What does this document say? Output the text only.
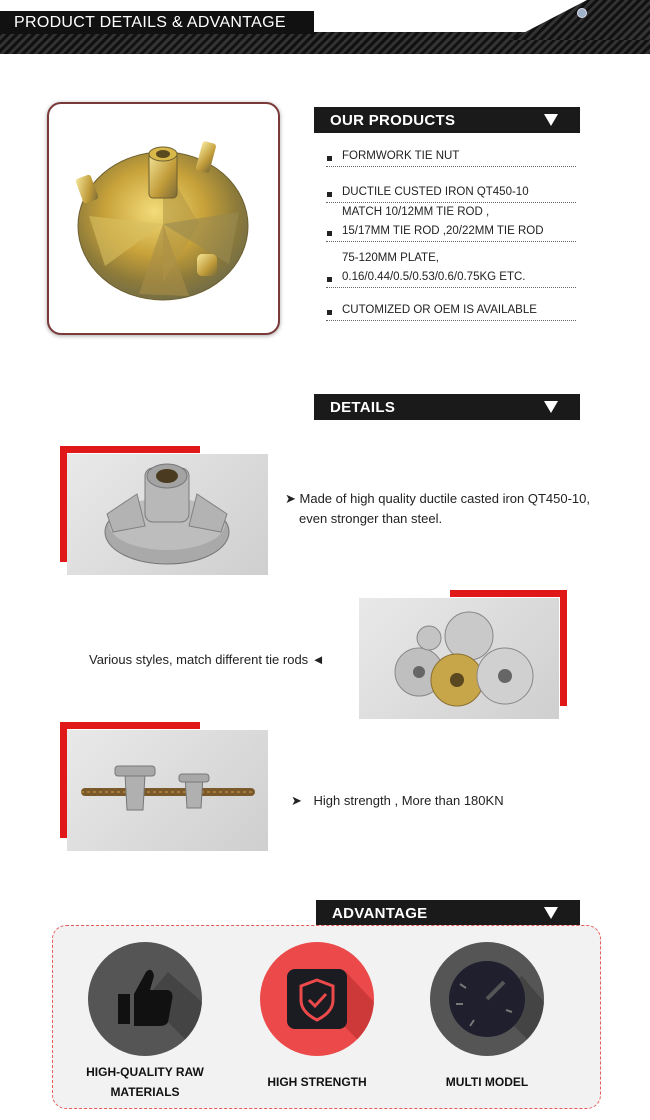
PRODUCT DETAILS & ADVANTAGE
OUR PRODUCTS
FORMWORK TIE NUT
DUCTILE CUSTED IRON QT450-10
MATCH 10/12MM TIE ROD ,
15/17MM TIE ROD ,20/22MM TIE ROD
75-120MM PLATE,
0.16/0.44/0.5/0.53/0.6/0.75KG ETC.
CUTOMIZED OR OEM IS AVAILABLE
DETAILS
➤ Made of high quality ductile casted iron QT450-10,
even stronger than steel.
Various styles, match different tie rods ◄
➤ High strength , More than 180KN
ADVANTAGE
HIGH-QUALITY RAW
MATERIALS
HIGH STRENGTH	MULTI MODEL
